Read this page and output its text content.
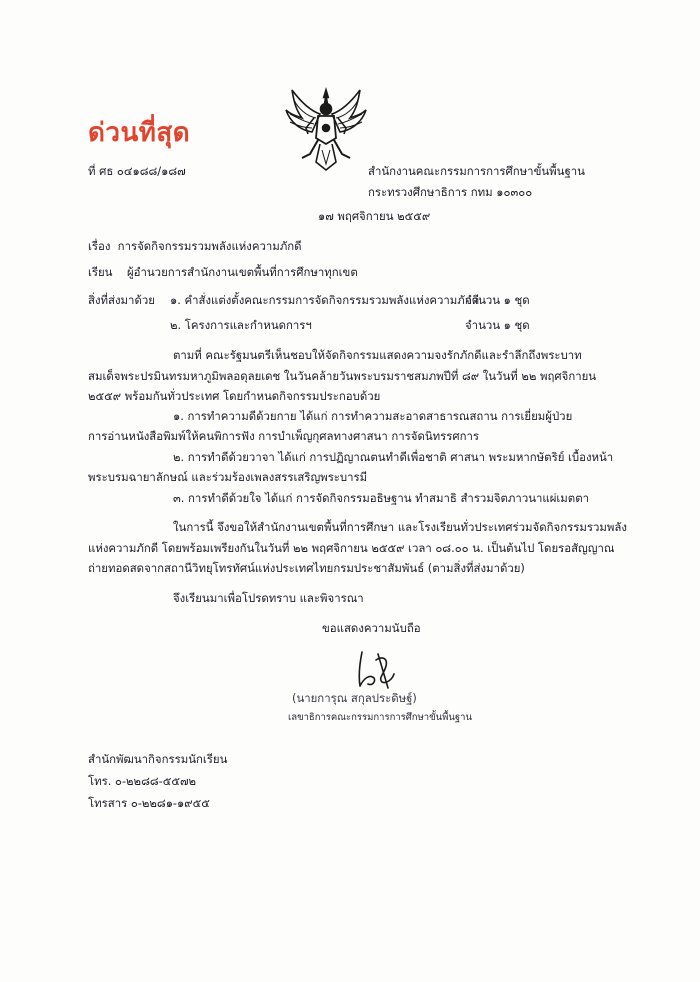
ด่วนที่สุด
ที่ ศธ ๐๔๑๘๘/๑๘๗	สำนักงานคณะกรรมการการศึกษาขั้นพื้นฐาน
กระทรวงศึกษาธิการ กทม ๑๐๓๐๐
๑๗ พฤศจิกายน ๒๕๕๙
เรื่อง การจัดกิจกรรมรวมพลังแห่งความภักดี
เรียน ผู้อำนวยการสำนักงานเขตพื้นที่การศึกษาทุกเขต
สิ่งที่ส่งมาด้วย ๑. คำสั่งแต่งตั้งคณะกรรมการจัดกิจกรรมรวมพลังแห่งความภักดี
จำนวน ๑ ชุด
๒. โครงการและกำหนดการฯ	จำนวน ๑ ชุด
ตามที่ คณะรัฐมนตรีเห็นชอบให้จัดกิจกรรมแสดงความจงรักภักดีและรำลึกถึงพระบาท
สมเด็จพระปรมินทรมหาภูมิพลอดุลยเดช ในวันคล้ายวันพระบรมราชสมภพปีที่ ๘๙ ในวันที่ ๒๒ พฤศจิกายน
๒๕๕๙ พร้อมกันทั่วประเทศ โดยกำหนดกิจกรรมประกอบด้วย
๑. การทำความดีด้วยกาย ได้แก่ การทำความสะอาดสาธารณสถาน การเยี่ยมผู้ป่วย
การอ่านหนังสือพิมพ์ให้คนพิการฟัง การบำเพ็ญกุศลทางศาสนา การจัดนิทรรศการ
๒. การทำดีด้วยวาจา ได้แก่ การปฏิญาณตนทำดีเพื่อชาติ ศาสนา พระมหากษัตริย์ เบื้องหน้า
พระบรมฉายาลักษณ์ และร่วมร้องเพลงสรรเสริญพระบารมี
๓. การทำดีด้วยใจ ได้แก่ การจัดกิจกรรมอธิษฐาน ทำสมาธิ สำรวมจิตภาวนาแผ่เมตตา
ในการนี้ จึงขอให้สำนักงานเขตพื้นที่การศึกษา และโรงเรียนทั่วประเทศร่วมจัดกิจกรรมรวมพลัง
แห่งความภักดี โดยพร้อมเพรียงกันในวันที่ ๒๒ พฤศจิกายน ๒๕๕๙ เวลา ๐๘.๐๐ น. เป็นต้นไป โดยรอสัญญาณ
ถ่ายทอดสดจากสถานีวิทยุโทรทัศน์แห่งประเทศไทยกรมประชาสัมพันธ์ (ตามสิ่งที่ส่งมาด้วย)
จึงเรียนมาเพื่อโปรดทราบ และพิจารณา
ขอแสดงความนับถือ
(นายการุณ สกุลประดิษฐ์)
เลขาธิการคณะกรรมการการศึกษาขั้นพื้นฐาน
สำนักพัฒนากิจกรรมนักเรียน
โทร. ๐-๒๒๘๘-๕๕๗๒
โทรสาร ๐-๒๒๘๑-๑๙๕๕
